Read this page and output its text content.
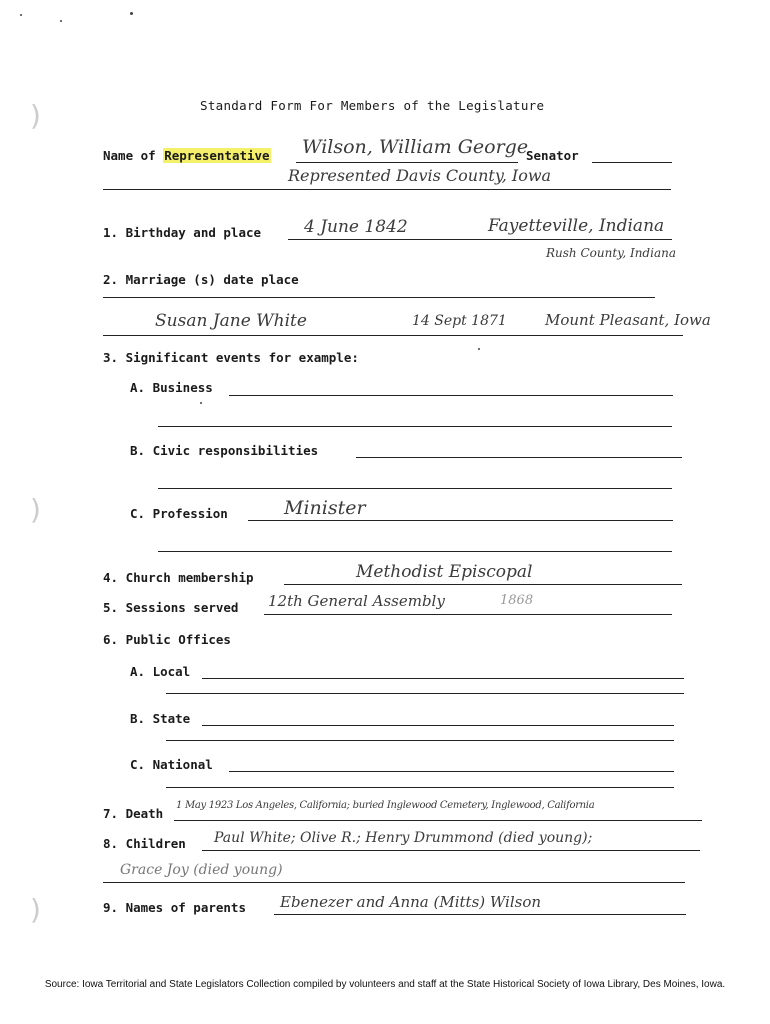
)
)
)
Standard Form For Members of the Legislature
Name of Representative Wilson, William George
Senator
Represented Davis County, Iowa
1. Birthday and place	4 June 1842	Fayetteville, Indiana
Rush County, Indiana
2. Marriage (s) date place
Susan Jane White	14 Sept 1871	Mount Pleasant, Iowa
3. Significant events for example:
A. Business
B. Civic responsibilities
C. Profession	Minister
4. Church membership	Methodist Episcopal
5. Sessions served 12th General Assembly	1868
6. Public Offices
A. Local
B. State
C. National
7. Death
1 May 1923 Los Angeles, California; buried Inglewood Cemetery, Inglewood, California
8. Children Paul White; Olive R.; Henry Drummond (died young);
Grace Joy (died young)
9. Names of parents Ebenezer and Anna (Mitts) Wilson
Source: Iowa Territorial and State Legislators Collection compiled by volunteers and staff at the State Historical Society of Iowa Library, Des Moines, Iowa.
